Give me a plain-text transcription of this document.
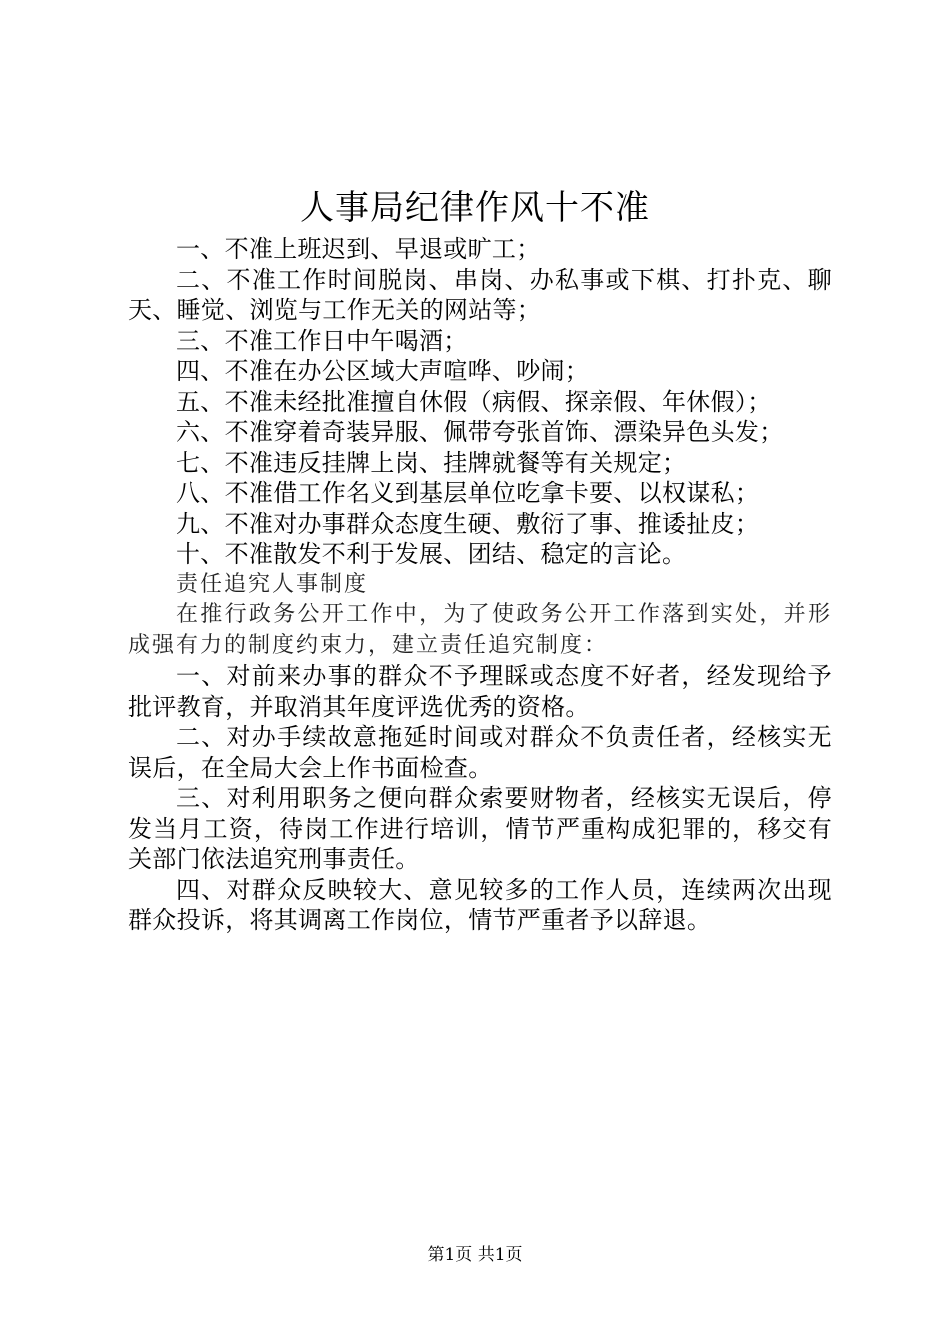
人事局纪律作风十不准

一、不准上班迟到、早退或旷工；

二、不准工作时间脱岗、串岗、办私事或下棋、打扑克、聊天、睡觉、浏览与工作无关的网站等；

三、不准工作日中午喝酒；

四、不准在办公区域大声喧哗、吵闹；

五、不准未经批准擅自休假（病假、探亲假、年休假）；

六、不准穿着奇装异服、佩带夸张首饰、漂染异色头发；

七、不准违反挂牌上岗、挂牌就餐等有关规定；

八、不准借工作名义到基层单位吃拿卡要、以权谋私；

九、不准对办事群众态度生硬、敷衍了事、推诿扯皮；

十、不准散发不利于发展、团结、稳定的言论。

责任追究人事制度

在推行政务公开工作中，为了使政务公开工作落到实处，并形成强有力的制度约束力，建立责任追究制度：

一、对前来办事的群众不予理睬或态度不好者，经发现给予批评教育，并取消其年度评选优秀的资格。

二、对办手续故意拖延时间或对群众不负责任者，经核实无误后，在全局大会上作书面检查。

三、对利用职务之便向群众索要财物者，经核实无误后，停发当月工资，待岗工作进行培训，情节严重构成犯罪的，移交有关部门依法追究刑事责任。

四、对群众反映较大、意见较多的工作人员，连续两次出现群众投诉，将其调离工作岗位，情节严重者予以辞退。

第1页 共1页
